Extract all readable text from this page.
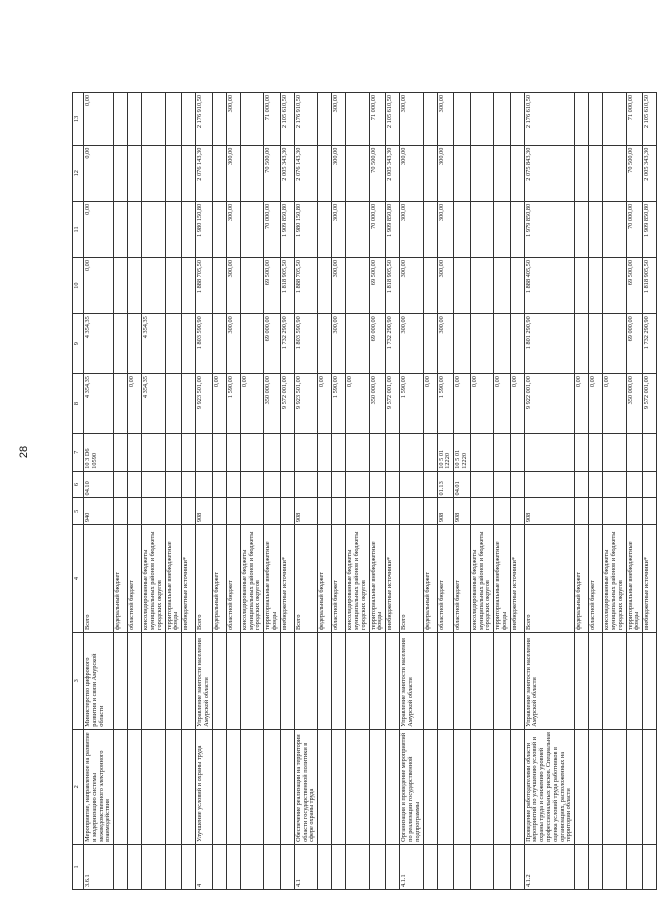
28
1	2	3	4	5	6	7	8	9	10	11	12	13
3.6.1	Мероприятие, направленное на развитие и модернизацию системы межведомственного электронного взаимодействия	Министерство цифрового развития и связи Амурской области	Всего	940	04.10	10 3 D6 10590	4 354,35	4 354,35	0,00	0,00	0,00	0,00
			федеральный бюджет									
			областной бюджет				0,00					
			консолидированные бюджеты муниципальных районов и бюджеты городских округов				4 354,35	4 354,35				
			территориальные внебюджетные фонды									
			внебюджетные источники*									
4	Улучшение условий и охраны труда	Управление занятости населения Амурской области	Всего	908			9 923 501,00	1 803 590,90	1 888 705,50	1 980 150,80	2 076 143,30	2 176 910,50
			федеральный бюджет				0,00					
			областной бюджет				1 590,00	300,00	300,00	300,00	300,00	300,00
			консолидированные бюджеты муниципальных районов и бюджеты городских округов				0,00					
			территориальные внебюджетные фонды				350 000,00	69 000,00	69 500,00	70 000,00	70 500,00	71 000,00
			внебюджетные источники*				9 572 001,00	1 732 290,90	1 818 905,50	1 909 850,80	2 005 343,30	2 105 610,50
4.1	Обеспечение реализации на территории области государственной политики в сфере охраны труда		Всего	908			9 923 501,00	1 803 590,90	1 888 705,50	1 980 150,80	2 076 143,30	2 176 910,50
			федеральный бюджет				0,00					
			областной бюджет				1 590,00	300,00	300,00	300,00	300,00	300,00
			консолидированные бюджеты муниципальных районов и бюджеты городских округов				0,00					
			территориальные внебюджетные фонды				350 000,00	69 000,00	69 500,00	70 000,00	70 500,00	71 000,00
			внебюджетные источники*				9 572 001,00	1 732 290,90	1 818 905,50	1 909 850,80	2 005 343,30	2 105 610,50
4.1.1	Организация и проведение мероприятий по реализации государственной подпрограммы	Управление занятости населения Амурской области	Всего				1 590,00	300,00	300,00	300,00	300,00	300,00
			федеральный бюджет				0,00					
			областной бюджет	908	01.13	10 5 01 12220	1 590,00	300,00	300,00	300,00	300,00	300,00
			областной бюджет	908	04.01	10 5 01 12220	0,00					
			консолидированные бюджеты муниципальных районов и бюджеты городских округов				0,00					
			территориальные внебюджетные фонды				0,00					
			внебюджетные источники*				0,00					
4.1.2	Проведение работодателями области мероприятий по улучшению условий и охраны труда и снижению уровней профессиональных рисков. Специальная оценка условий труда работников в организациях, расположенных на территории области	Управление занятости населения Амурской области	Всего	908			9 922 001,00	1 801 290,90	1 888 405,50	1 979 850,80	2 075 843,30	2 176 610,50
			федеральный бюджет				0,00					
			областной бюджет				0,00					
			консолидированные бюджеты муниципальных районов и бюджеты городских округов				0,00					
			территориальные внебюджетные фонды				350 000,00	69 000,00	69 500,00	70 000,00	70 500,00	71 000,00
			внебюджетные источники*				9 572 001,00	1 732 290,90	1 818 905,50	1 909 850,80	2 005 343,30	2 105 610,50
